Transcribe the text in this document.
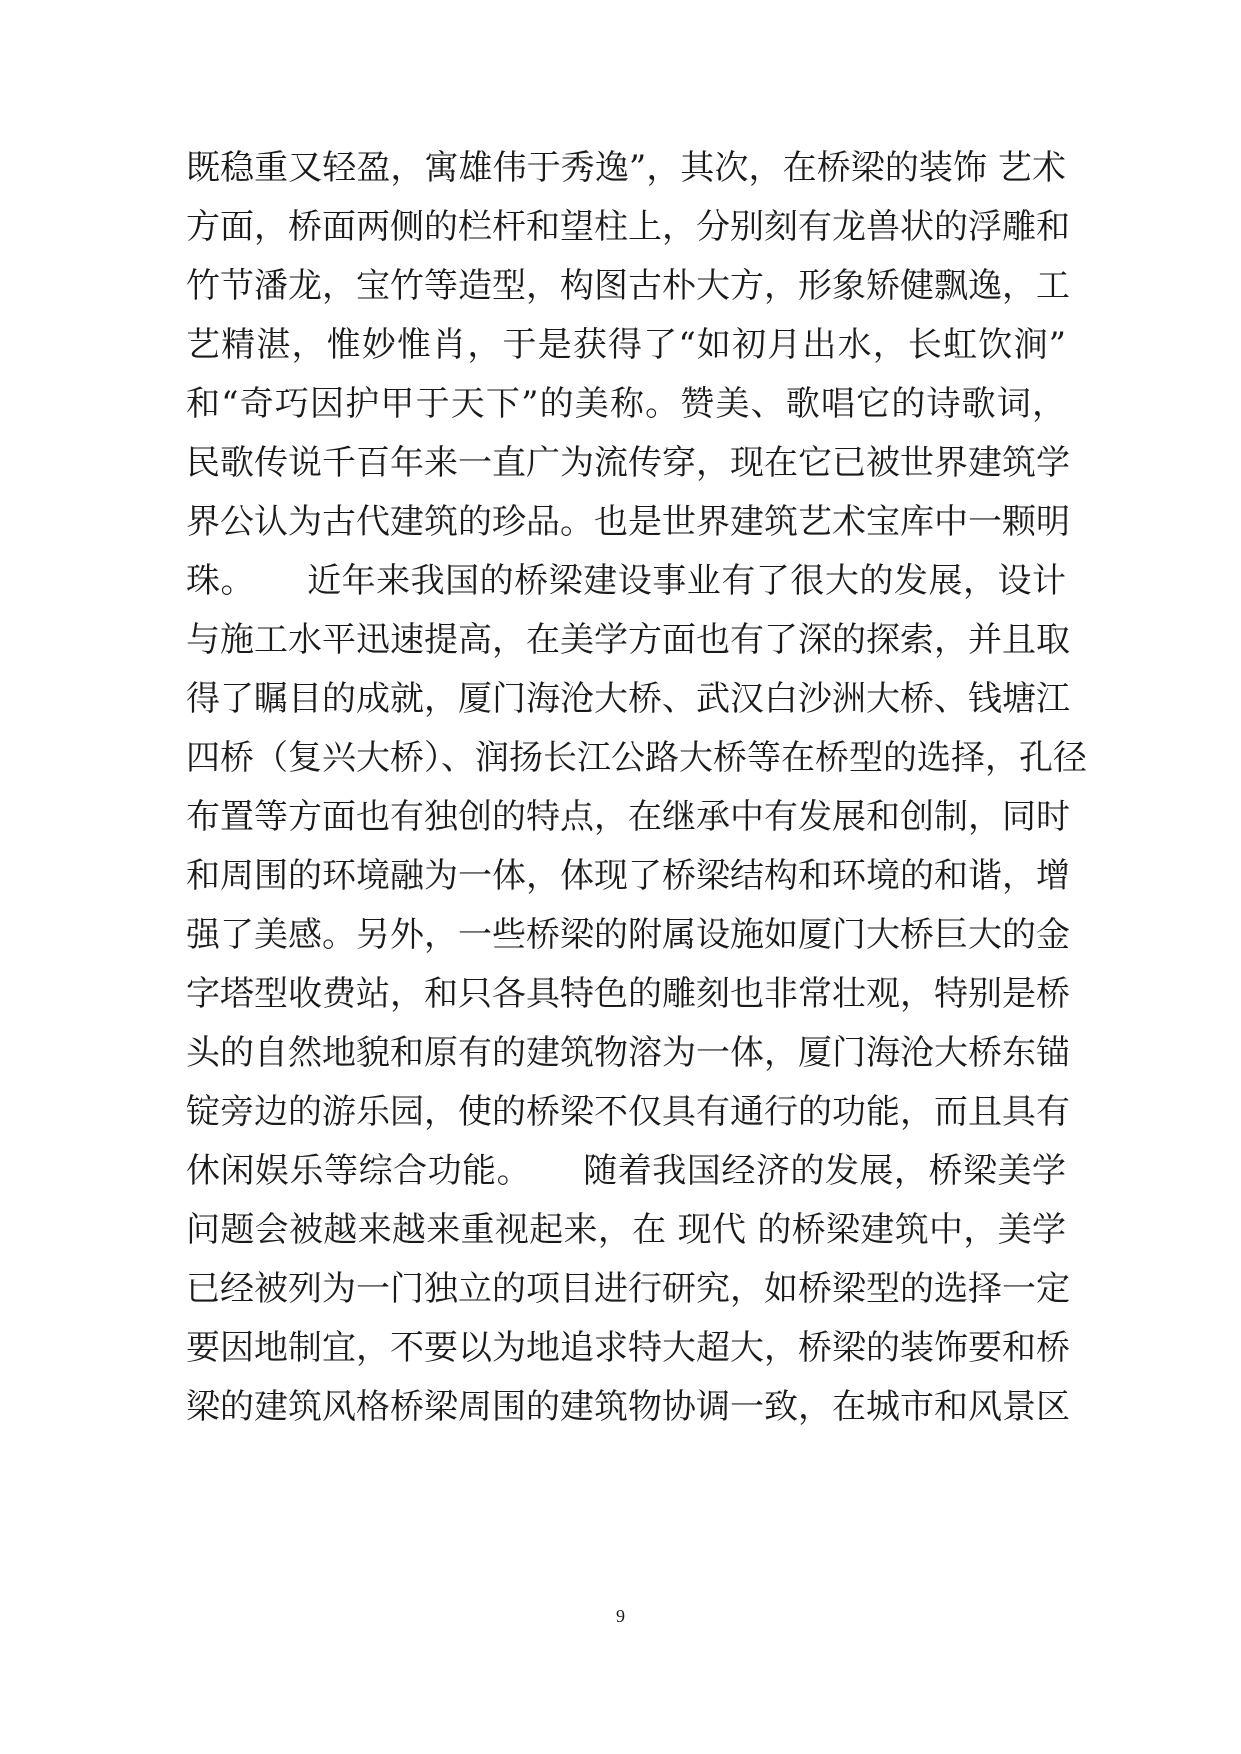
既稳重又轻盈，寓雄伟于秀逸”，其次，在桥梁的装饰 艺术
方面，桥面两侧的栏杆和望柱上，分别刻有龙兽状的浮雕和
竹节潘龙，宝竹等造型，构图古朴大方，形象矫健飘逸，工
艺精湛，惟妙惟肖，于是获得了“如初月出水，长虹饮涧”
和“奇巧因护甲于天下”的美称。赞美、歌唱它的诗歌词，
民歌传说千百年来一直广为流传穿，现在它已被世界建筑学
界公认为古代建筑的珍品。也是世界建筑艺术宝库中一颗明
珠。　　近年来我国的桥梁建设事业有了很大的发展，设计
与施工水平迅速提高，在美学方面也有了深的探索，并且取
得了瞩目的成就，厦门海沧大桥、武汉白沙洲大桥、钱塘江
四桥（复兴大桥）、润扬长江公路大桥等在桥型的选择，孔径
布置等方面也有独创的特点，在继承中有发展和创制，同时
和周围的环境融为一体，体现了桥梁结构和环境的和谐，增
强了美感。另外，一些桥梁的附属设施如厦门大桥巨大的金
字塔型收费站，和只各具特色的雕刻也非常壮观，特别是桥
头的自然地貌和原有的建筑物溶为一体，厦门海沧大桥东锚
锭旁边的游乐园，使的桥梁不仅具有通行的功能，而且具有
休闲娱乐等综合功能。　　随着我国经济的发展，桥梁美学
问题会被越来越来重视起来，在 现代 的桥梁建筑中，美学
已经被列为一门独立的项目进行研究，如桥梁型的选择一定
要因地制宜，不要以为地追求特大超大，桥梁的装饰要和桥
梁的建筑风格桥梁周围的建筑物协调一致，在城市和风景区
9
